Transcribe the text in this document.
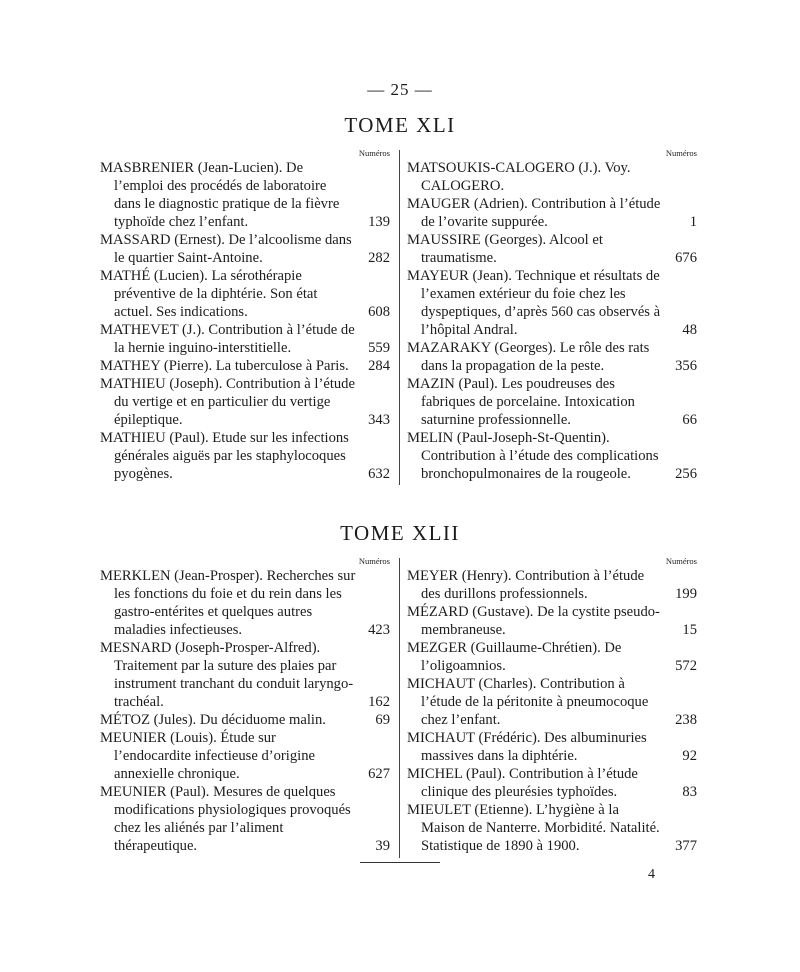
— 25 —
TOME XLI
Numéros
MASBRENIER (Jean-Lucien). De l’emploi des procédés de laboratoire dans le diagnostic pratique de la fièvre typhoïde chez l’enfant.	139
MASSARD (Ernest). De l’alcoolisme dans le quartier Saint-Antoine.	282
MATHÉ (Lucien). La sérothérapie préventive de la diphtérie. Son état actuel. Ses indications.	608
MATHEVET (J.). Contribution à l’étude de la hernie inguino-interstitielle.	559
MATHEY (Pierre). La tuberculose à Paris.	284
MATHIEU (Joseph). Contribution à l’étude du vertige et en particulier du vertige épileptique.	343
MATHIEU (Paul). Etude sur les infections générales aiguës par les staphylocoques pyogènes.	632
Numéros
MATSOUKIS-CALOGERO (J.). Voy. CALOGERO.
MAUGER (Adrien). Contribution à l’étude de l’ovarite suppurée.	1
MAUSSIRE (Georges). Alcool et traumatisme.	676
MAYEUR (Jean). Technique et résultats de l’examen extérieur du foie chez les dyspeptiques, d’après 560 cas observés à l’hôpital Andral.	48
MAZARAKY (Georges). Le rôle des rats dans la propagation de la peste.	356
MAZIN (Paul). Les poudreuses des fabriques de porcelaine. Intoxication saturnine professionnelle.	66
MELIN (Paul-Joseph-St-Quentin). Contribution à l’étude des complications bronchopulmonaires de la rougeole.	256
TOME XLII
Numéros
MERKLEN (Jean-Prosper). Recherches sur les fonctions du foie et du rein dans les gastro-entérites et quelques autres maladies infectieuses.	423
MESNARD (Joseph-Prosper-Alfred). Traitement par la suture des plaies par instrument tranchant du conduit laryngo-trachéal.	162
MÉTOZ (Jules). Du déciduome malin.	69
MEUNIER (Louis). Étude sur l’endocardite infectieuse d’origine annexielle chronique.	627
MEUNIER (Paul). Mesures de quelques modifications physiologiques provoqués chez les aliénés par l’aliment thérapeutique.	39
Numéros
MEYER (Henry). Contribution à l’étude des durillons professionnels.	199
MÉZARD (Gustave). De la cystite pseudo-membraneuse.	15
MEZGER (Guillaume-Chrétien). De l’oligoamnios.	572
MICHAUT (Charles). Contribution à l’étude de la péritonite à pneumocoque chez l’enfant.	238
MICHAUT (Frédéric). Des albuminuries massives dans la diphtérie.	92
MICHEL (Paul). Contribution à l’étude clinique des pleurésies typhoïdes.	83
MIEULET (Etienne). L’hygiène à la Maison de Nanterre. Morbidité. Natalité. Statistique de 1890 à 1900.	377
4
